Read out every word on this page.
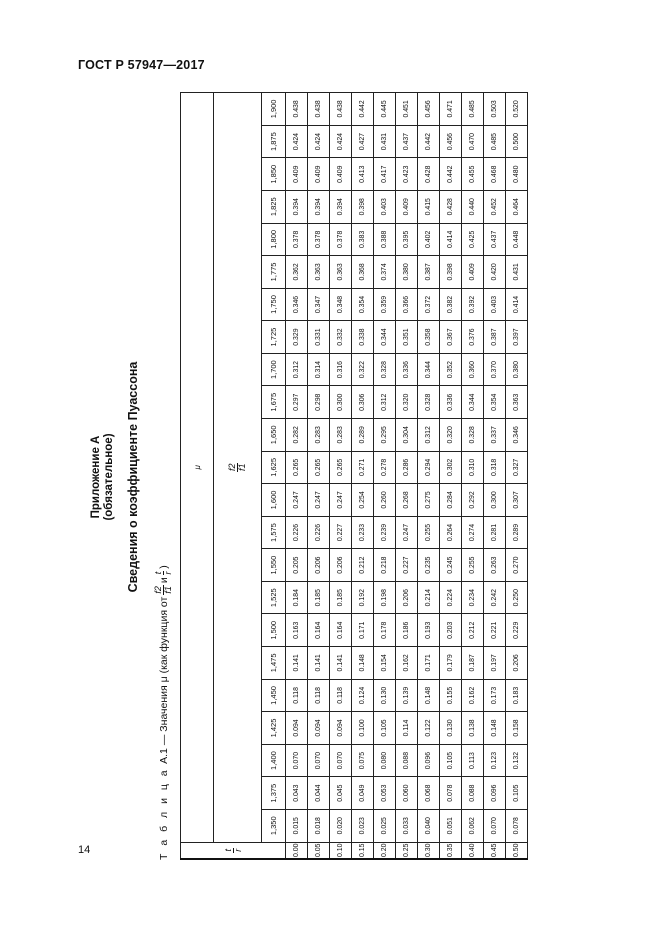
ГОСТ Р 57947—2017
Приложение А (обязательное) Сведения о коэффициенте Пуассона
Т а б л и ц а
А.1
— Значения μ (как функция от
f2 f1
и
t r
)
t r	μ																						

	f2 f1																						

	1,350	1,375	1,400	1,425	1,450	1,475	1,500	1,525	1,550	1,575	1,600	1,625	1,650	1,675	1,700	1,725	1,750	1,775	1,800	1,825	1,850	1,875	1,900
0.00	0.015	0.043	0.070	0.094	0.118	0.141	0.163	0.184	0.205	0.226	0.247	0.265	0.282	0.297	0.312	0.329	0.346	0.362	0.378	0.394	0.409	0.424	0.438
0.05	0.018	0.044	0.070	0.094	0.118	0.141	0.164	0.185	0.206	0.226	0.247	0.265	0.283	0.298	0.314	0.331	0.347	0.363	0.378	0.394	0.409	0.424	0.438
0.10	0.020	0.045	0.070	0.094	0.118	0.141	0.164	0.185	0.206	0.227	0.247	0.265	0.283	0.300	0.316	0.332	0.348	0.363	0.378	0.394	0.409	0.424	0.438
0.15	0.023	0.049	0.075	0.100	0.124	0.148	0.171	0.192	0.212	0.233	0.254	0.271	0.289	0.306	0.322	0.338	0.354	0.368	0.383	0.398	0.413	0.427	0.442
0.20	0.025	0.053	0.080	0.105	0.130	0.154	0.178	0.198	0.218	0.239	0.260	0.278	0.295	0.312	0.328	0.344	0.359	0.374	0.388	0.403	0.417	0.431	0.445
0.25	0.033	0.060	0.088	0.114	0.139	0.162	0.186	0.206	0.227	0.247	0.268	0.286	0.304	0.320	0.336	0.351	0.366	0.380	0.395	0.409	0.423	0.437	0.451
0.30	0.040	0.068	0.096	0.122	0.148	0.171	0.193	0.214	0.235	0.255	0.275	0.294	0.312	0.328	0.344	0.358	0.372	0.387	0.402	0.415	0.428	0.442	0.456
0.35	0.051	0.078	0.105	0.130	0.155	0.179	0.203	0.224	0.245	0.264	0.284	0.302	0.320	0.336	0.352	0.367	0.382	0.398	0.414	0.428	0.442	0.456	0.471
0.40	0.062	0.088	0.113	0.138	0.162	0.187	0.212	0.234	0.255	0.274	0.292	0.310	0.328	0.344	0.360	0.376	0.392	0.409	0.425	0.440	0.455	0.470	0.485
0.45	0.070	0.096	0.123	0.148	0.173	0.197	0.221	0.242	0.263	0.281	0.300	0.318	0.337	0.354	0.370	0.387	0.403	0.420	0.437	0.452	0.468	0.485	0.503
0.50	0.078	0.105	0.132	0.158	0.183	0.206	0.229	0.250	0.270	0.289	0.307	0.327	0.346	0.363	0.380	0.397	0.414	0.431	0.448	0.464	0.480	0.500	0.520
14
